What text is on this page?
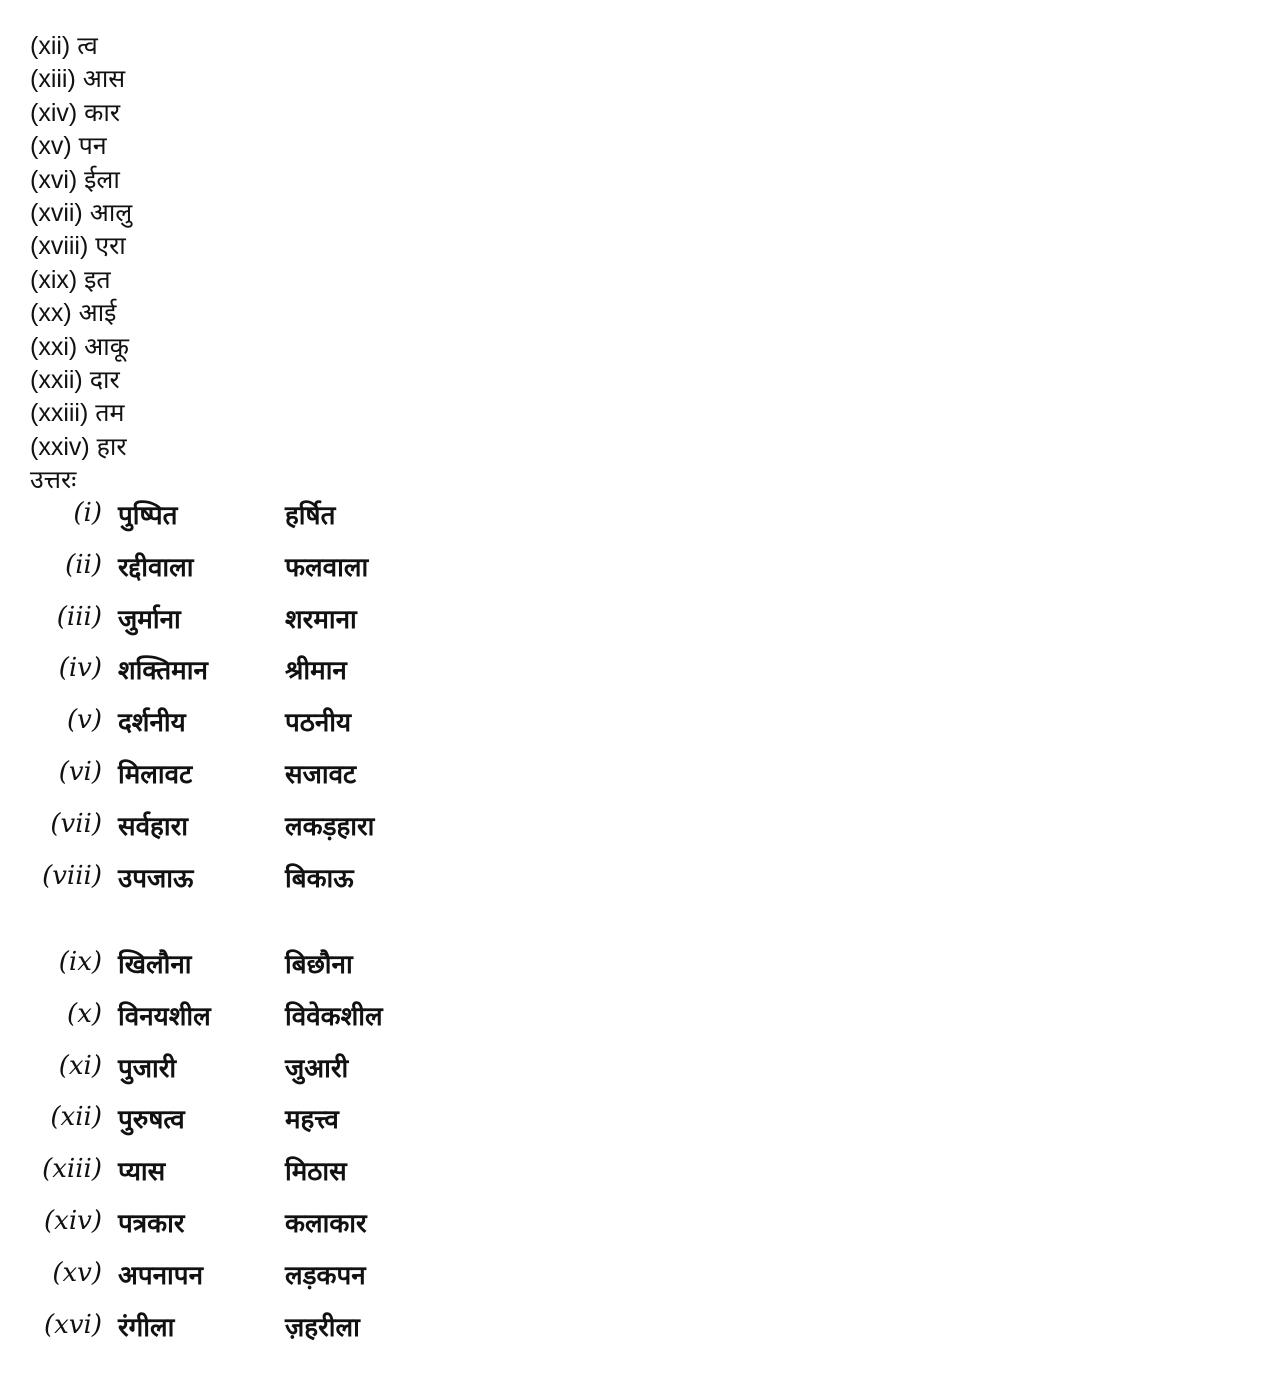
(xii) त्व
(xiii) आस
(xiv) कार
(xv) पन
(xvi) ईला
(xvii) आलु
(xviii) एरा
(xix) इत
(xx) आई
(xxi) आकू
(xxii) दार
(xxiii) तम
(xxiv) हार
उत्तरः
(i) पुष्पित	हर्षित
(ii) रद्दीवाला	फलवाला
(iii) जुर्माना	शरमाना
(iv) शक्तिमान	श्रीमान
(v) दर्शनीय	पठनीय
(vi) मिलावट	सजावट
(vii) सर्वहारा	लकड़हारा
(viii) उपजाऊ	बिकाऊ
(ix) खिलौना	बिछौना
(x) विनयशील	विवेकशील
(xi) पुजारी	जुआरी
(xii) पुरुषत्व	महत्त्व
(xiii) प्यास	मिठास
(xiv) पत्रकार	कलाकार
(xv) अपनापन	लड़कपन
(xvi) रंगीला	ज़हरीला
